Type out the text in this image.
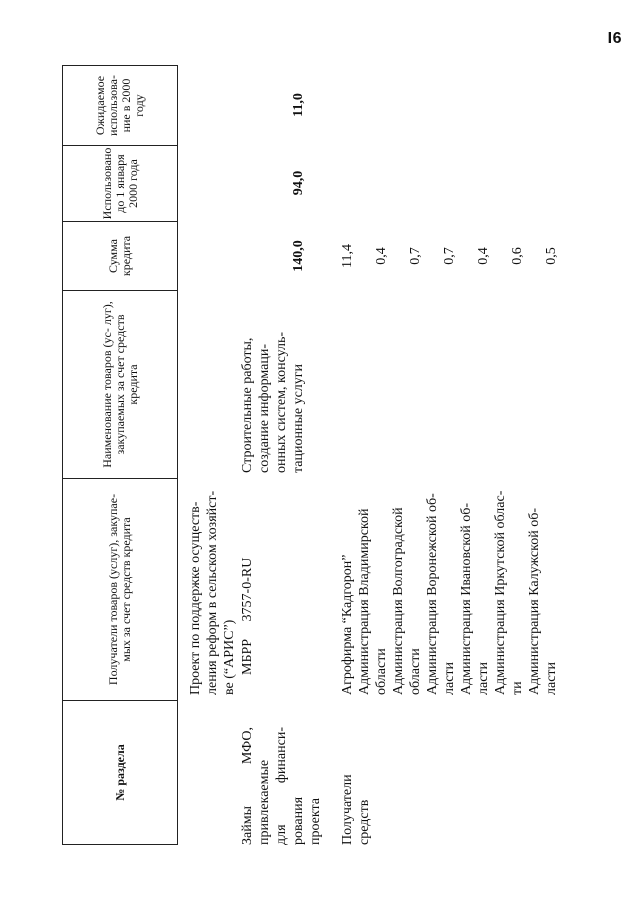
I6
№ раздела
Получатели товаров (услуг), закупае- мых за счет средств кредита
Наименование товаров (ус- луг), закупаемых за счет средств кредита
Сумма кредита
Использовано до 1 января 2000 года
Ожидаемое использова- ние в 2000 году
Займы МФО, привлекаемые для финанси- рования проекта
Проект по поддержке осуществ- ления реформ в сельском хозяйст- ве (“АРИС”) МБРР 3757-0-RU
Строительные работы, создание информаци- онных систем, консуль- тационные услуги
140,0
94,0
11,0
Получатели средств
Агрофирма “Кадгорон”
11,4
Администрация Владимирской области
0,4
Администрация Волгоградской области
0,7
Администрация Воронежской об- ласти
0,7
Администрация Ивановской об- ласти
0,4
Администрация Иркутской облас- ти
0,6
Администрация Калужской об- ласти
0,5
